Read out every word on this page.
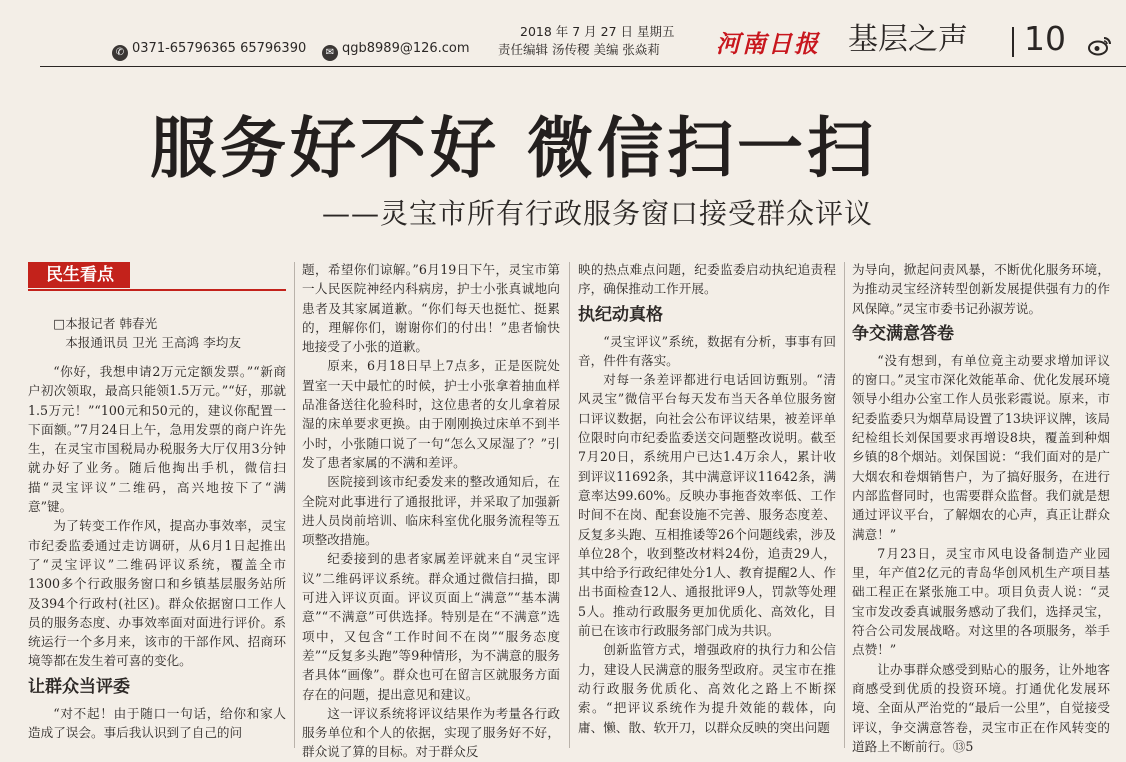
✆ 0371-65796365 65796390	✉ qgb8989@126.com
2018 年 7 月 27 日 星期五
责任编辑 汤传稷 美编 张焱莉 河南日报 基层之声 10
服务好不好 微信扫一扫
——灵宝市所有行政服务窗口接受群众评议
民生看点

□本报记者 韩春光

本报通讯员 卫光 王高鸿 李均友

“你好，我想申请2万元定额发票。”“新商户初次领取，最高只能领1.5万元。”“好，那就1.5万元！”“100元和50元的，建议你配置一下面额。”7月24日上午，急用发票的商户许先生，在灵宝市国税局办税服务大厅仅用3分钟就办好了业务。随后他掏出手机，微信扫描“灵宝评议”二维码，高兴地按下了“满意”键。

为了转变工作作风，提高办事效率，灵宝市纪委监委通过走访调研，从6月1日起推出了“灵宝评议”二维码评议系统，覆盖全市1300多个行政服务窗口和乡镇基层服务站所及394个行政村(社区)。群众依据窗口工作人员的服务态度、办事效率面对面进行评价。系统运行一个多月来，该市的干部作风、招商环境等都在发生着可喜的变化。

让群众当评委

“对不起！由于随口一句话，给你和家人造成了误会。事后我认识到了自己的问

题，希望你们谅解。”6月19日下午，灵宝市第一人民医院神经内科病房，护士小张真诚地向患者及其家属道歉。“你们每天也挺忙、挺累的，理解你们，谢谢你们的付出！”患者愉快地接受了小张的道歉。

原来，6月18日早上7点多，正是医院处置室一天中最忙的时候，护士小张拿着抽血样品准备送往化验科时，这位患者的女儿拿着尿湿的床单要求更换。由于刚刚换过床单不到半小时，小张随口说了一句“怎么又尿湿了？”引发了患者家属的不满和差评。

医院接到该市纪委发来的整改通知后，在全院对此事进行了通报批评，并采取了加强新进人员岗前培训、临床科室优化服务流程等五项整改措施。

纪委接到的患者家属差评就来自“灵宝评议”二维码评议系统。群众通过微信扫描，即可进入评议页面。评议页面上“满意”“基本满意”“不满意”可供选择。特别是在“不满意”选项中，又包含“工作时间不在岗”“服务态度差”“反复多头跑”等9种情形，为不满意的服务者具体“画像”。群众也可在留言区就服务方面存在的问题，提出意见和建议。

这一评议系统将评议结果作为考量各行政服务单位和个人的依据，实现了服务好不好，群众说了算的目标。对于群众反

映的热点难点问题，纪委监委启动执纪追责程序，确保推动工作开展。

执纪动真格

“灵宝评议”系统，数据有分析，事事有回音，件件有落实。

对每一条差评都进行电话回访甄别。“清风灵宝”微信平台每天发布当天各单位服务窗口评议数据，向社会公布评议结果，被差评单位限时向市纪委监委送交问题整改说明。截至7月20日，系统用户已达1.4万余人，累计收到评议11692条，其中满意评议11642条，满意率达99.60%。反映办事拖沓效率低、工作时间不在岗、配套设施不完善、服务态度差、反复多头跑、互相推诿等26个问题线索，涉及单位28个，收到整改材料24份，追责29人，其中给予行政纪律处分1人、教育提醒2人、作出书面检查12人、通报批评9人，罚款等处理5人。推动行政服务更加优质化、高效化，目前已在该市行政服务部门成为共识。

创新监管方式，增强政府的执行力和公信力，建设人民满意的服务型政府。灵宝市在推动行政服务优质化、高效化之路上不断探索。“把评议系统作为提升效能的载体，向庸、懒、散、软开刀，以群众反映的突出问题

为导向，掀起问责风暴，不断优化服务环境，为推动灵宝经济转型创新发展提供强有力的作风保障。”灵宝市委书记孙淑芳说。

争交满意答卷

“没有想到，有单位竟主动要求增加评议的窗口。”灵宝市深化效能革命、优化发展环境领导小组办公室工作人员张彩霞说。原来，市纪委监委只为烟草局设置了13块评议牌，该局纪检组长刘保国要求再增设8块，覆盖到种烟乡镇的8个烟站。刘保国说：“我们面对的是广大烟农和卷烟销售户，为了搞好服务，在进行内部监督同时，也需要群众监督。我们就是想通过评议平台，了解烟农的心声，真正让群众满意！”

7月23日，灵宝市风电设备制造产业园里，年产值2亿元的青岛华创风机生产项目基础工程正在紧张施工中。项目负责人说：“灵宝市发改委真诚服务感动了我们，选择灵宝，符合公司发展战略。对这里的各项服务，举手点赞！”

让办事群众感受到贴心的服务，让外地客商感受到优质的投资环境。打通优化发展环境、全面从严治党的“最后一公里”，自觉接受评议，争交满意答卷，灵宝市正在作风转变的道路上不断前行。⑬5
